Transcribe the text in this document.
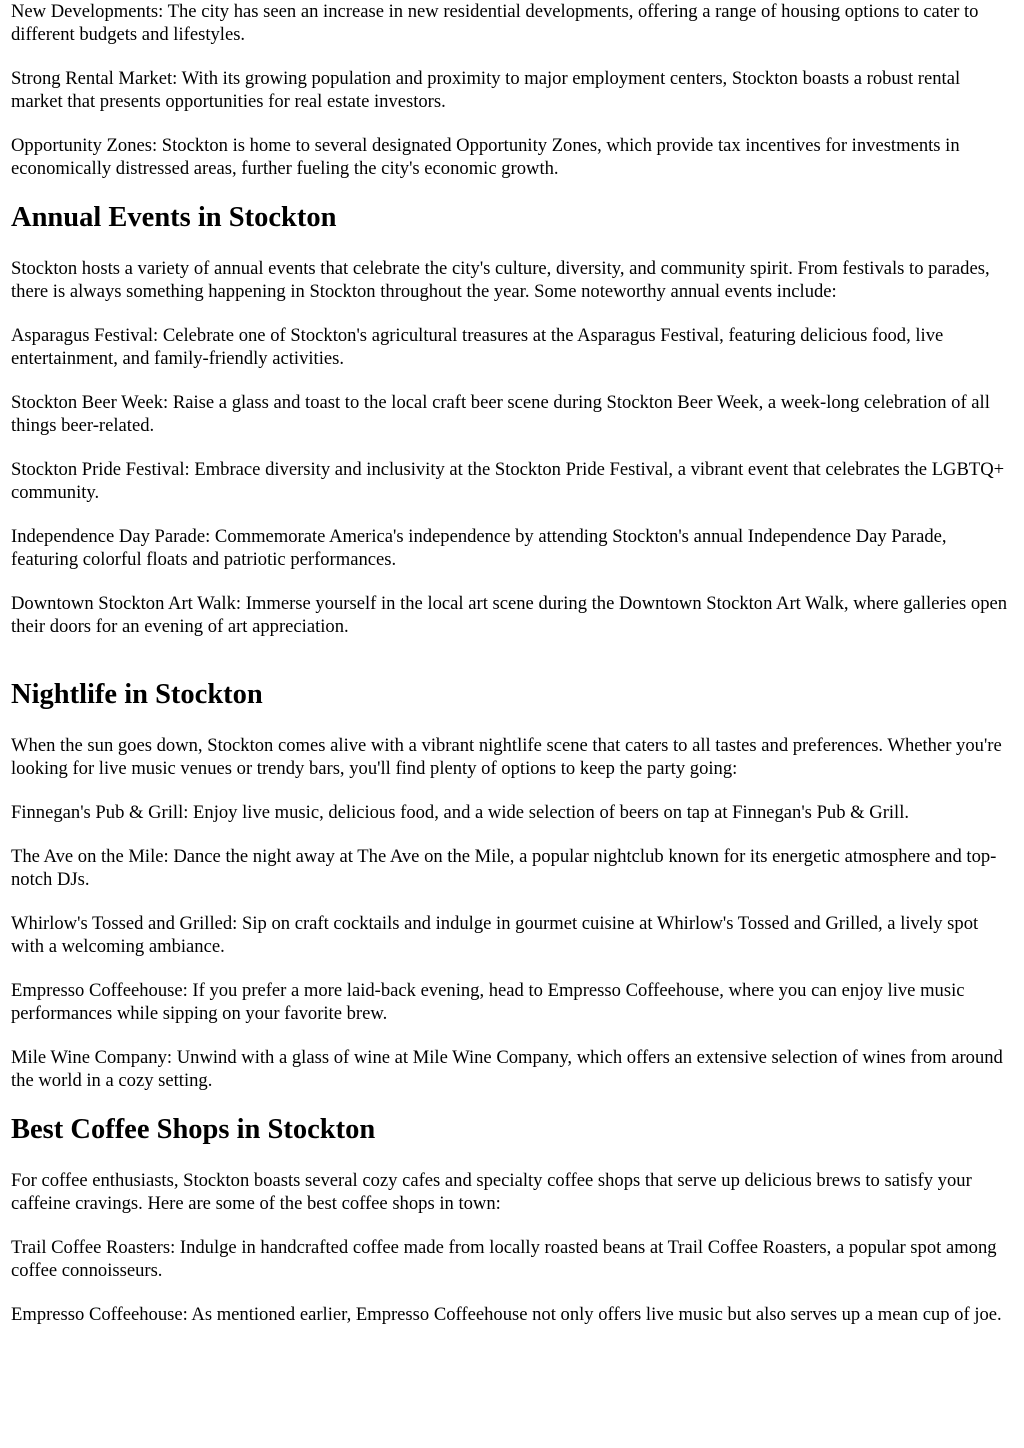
New Developments: The city has seen an increase in new residential developments, offering a range of housing options to cater to different budgets and lifestyles.

Strong Rental Market: With its growing population and proximity to major employment centers, Stockton boasts a robust rental market that presents opportunities for real estate investors.

Opportunity Zones: Stockton is home to several designated Opportunity Zones, which provide tax incentives for investments in economically distressed areas, further fueling the city's economic growth.

Annual Events in Stockton

Stockton hosts a variety of annual events that celebrate the city's culture, diversity, and community spirit. From festivals to parades, there is always something happening in Stockton throughout the year. Some noteworthy annual events include:

Asparagus Festival: Celebrate one of Stockton's agricultural treasures at the Asparagus Festival, featuring delicious food, live entertainment, and family-friendly activities.

Stockton Beer Week: Raise a glass and toast to the local craft beer scene during Stockton Beer Week, a week-long celebration of all things beer-related.

Stockton Pride Festival: Embrace diversity and inclusivity at the Stockton Pride Festival, a vibrant event that celebrates the LGBTQ+ community.

Independence Day Parade: Commemorate America's independence by attending Stockton's annual Independence Day Parade, featuring colorful floats and patriotic performances.

Downtown Stockton Art Walk: Immerse yourself in the local art scene during the Downtown Stockton Art Walk, where galleries open their doors for an evening of art appreciation.

Nightlife in Stockton

When the sun goes down, Stockton comes alive with a vibrant nightlife scene that caters to all tastes and preferences. Whether you're looking for live music venues or trendy bars, you'll find plenty of options to keep the party going:

Finnegan's Pub & Grill: Enjoy live music, delicious food, and a wide selection of beers on tap at Finnegan's Pub & Grill.

The Ave on the Mile: Dance the night away at The Ave on the Mile, a popular nightclub known for its energetic atmosphere and top-notch DJs.

Whirlow's Tossed and Grilled: Sip on craft cocktails and indulge in gourmet cuisine at Whirlow's Tossed and Grilled, a lively spot with a welcoming ambiance.

Empresso Coffeehouse: If you prefer a more laid-back evening, head to Empresso Coffeehouse, where you can enjoy live music performances while sipping on your favorite brew.

Mile Wine Company: Unwind with a glass of wine at Mile Wine Company, which offers an extensive selection of wines from around the world in a cozy setting.

Best Coffee Shops in Stockton

For coffee enthusiasts, Stockton boasts several cozy cafes and specialty coffee shops that serve up delicious brews to satisfy your caffeine cravings. Here are some of the best coffee shops in town:

Trail Coffee Roasters: Indulge in handcrafted coffee made from locally roasted beans at Trail Coffee Roasters, a popular spot among coffee connoisseurs.

Empresso Coffeehouse: As mentioned earlier, Empresso Coffeehouse not only offers live music but also serves up a mean cup of joe.
